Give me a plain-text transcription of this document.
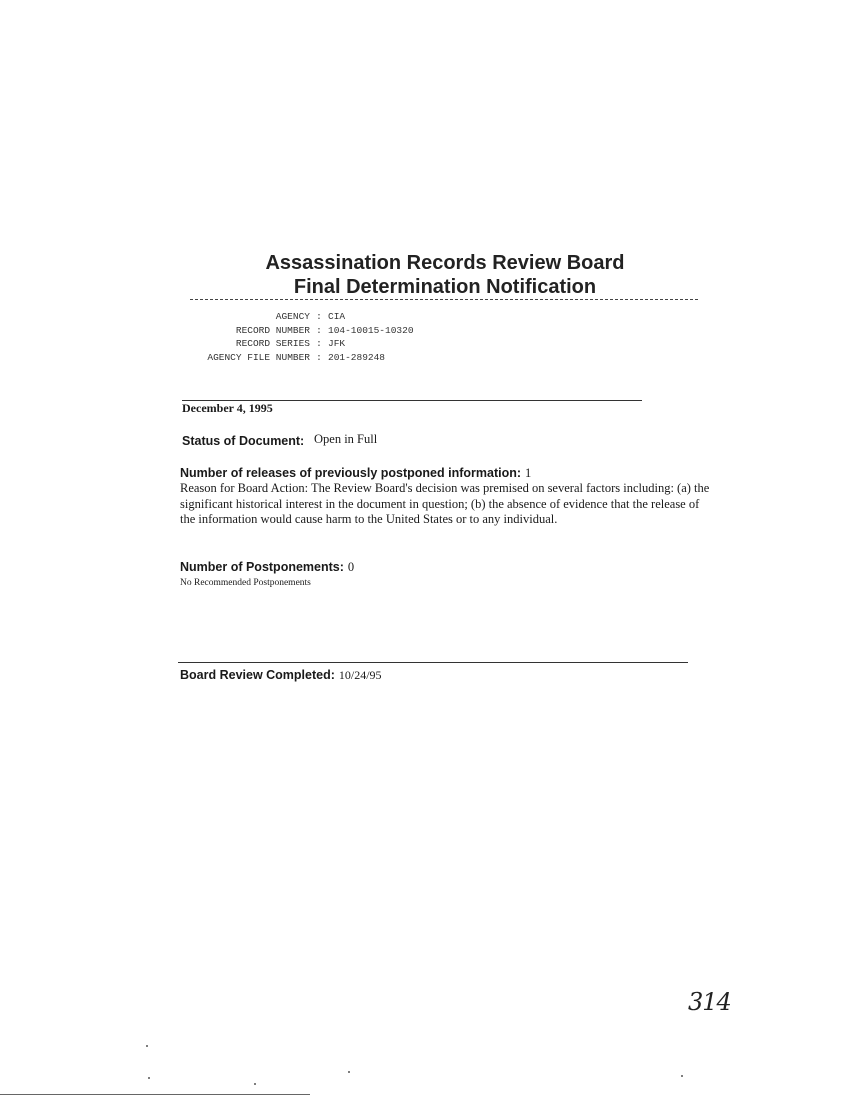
Assassination Records Review Board
Final Determination Notification
AGENCY : CIA
RECORD NUMBER : 104-10015-10320
RECORD SERIES : JFK
AGENCY FILE NUMBER : 201-289248
December 4, 1995
Status of Document: Open in Full
Number of releases of previously postponed information: 1
Reason for Board Action: The Review Board's decision was premised on several factors including: (a) the significant historical interest in the document in question; (b) the absence of evidence that the release of the information would cause harm to the United States or to any individual.
Number of Postponements: 0
No Recommended Postponements
Board Review Completed: 10/24/95
314
